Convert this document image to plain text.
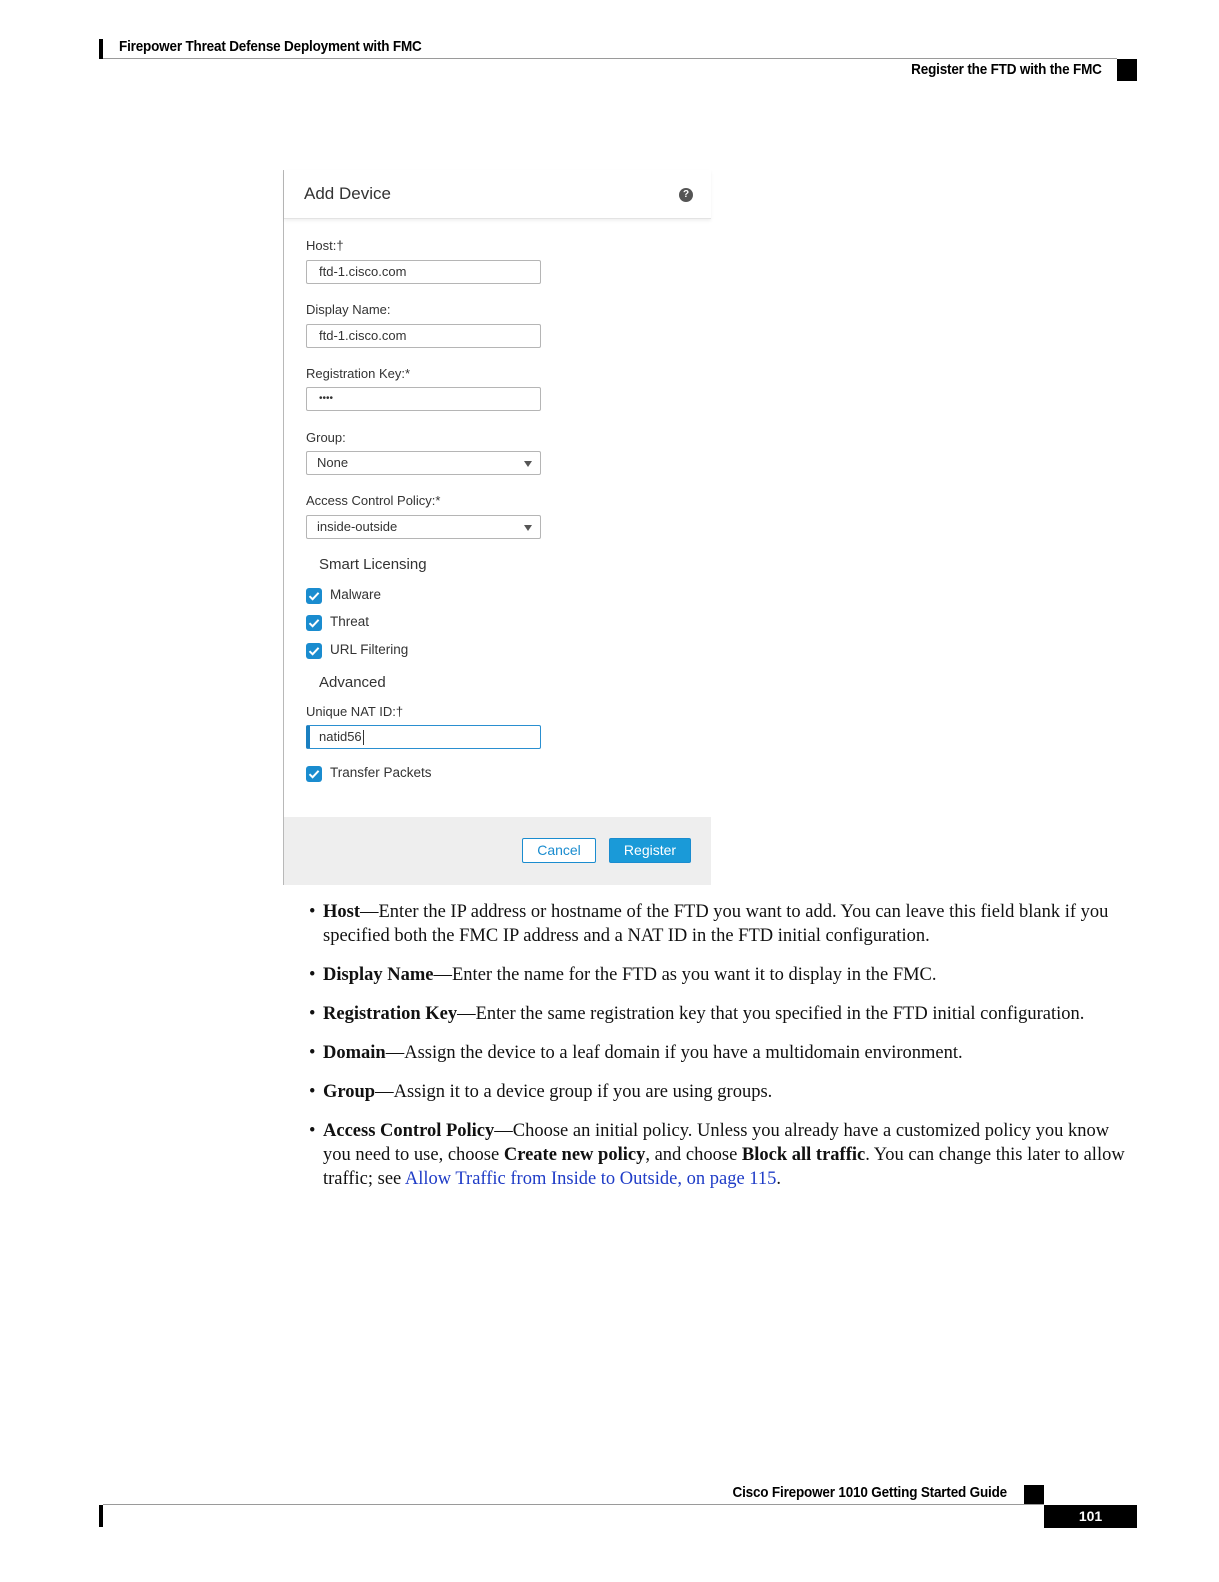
Firepower Threat Defense Deployment with FMC
Register the FTD with the FMC
Add Device	?
Host:†
ftd-1.cisco.com
Display Name:
ftd-1.cisco.com
Registration Key:*
••••
Group:
None
Access Control Policy:*
inside-outside
Smart Licensing
Malware
Threat
URL Filtering
Advanced
Unique NAT ID:†
natid56
Transfer Packets
Cancel	Register
• Host—Enter the IP address or hostname of the FTD you want to add. You can leave this field blank if you specified both the FMC IP address and a NAT ID in the FTD initial configuration.
• Display Name—Enter the name for the FTD as you want it to display in the FMC.
• Registration Key—Enter the same registration key that you specified in the FTD initial configuration.
• Domain—Assign the device to a leaf domain if you have a multidomain environment.
• Group—Assign it to a device group if you are using groups.
• Access Control Policy—Choose an initial policy. Unless you already have a customized policy you know you need to use, choose Create new policy, and choose Block all traffic. You can change this later to allow traffic; see Allow Traffic from Inside to Outside, on page 115.
Cisco Firepower 1010 Getting Started Guide
101
